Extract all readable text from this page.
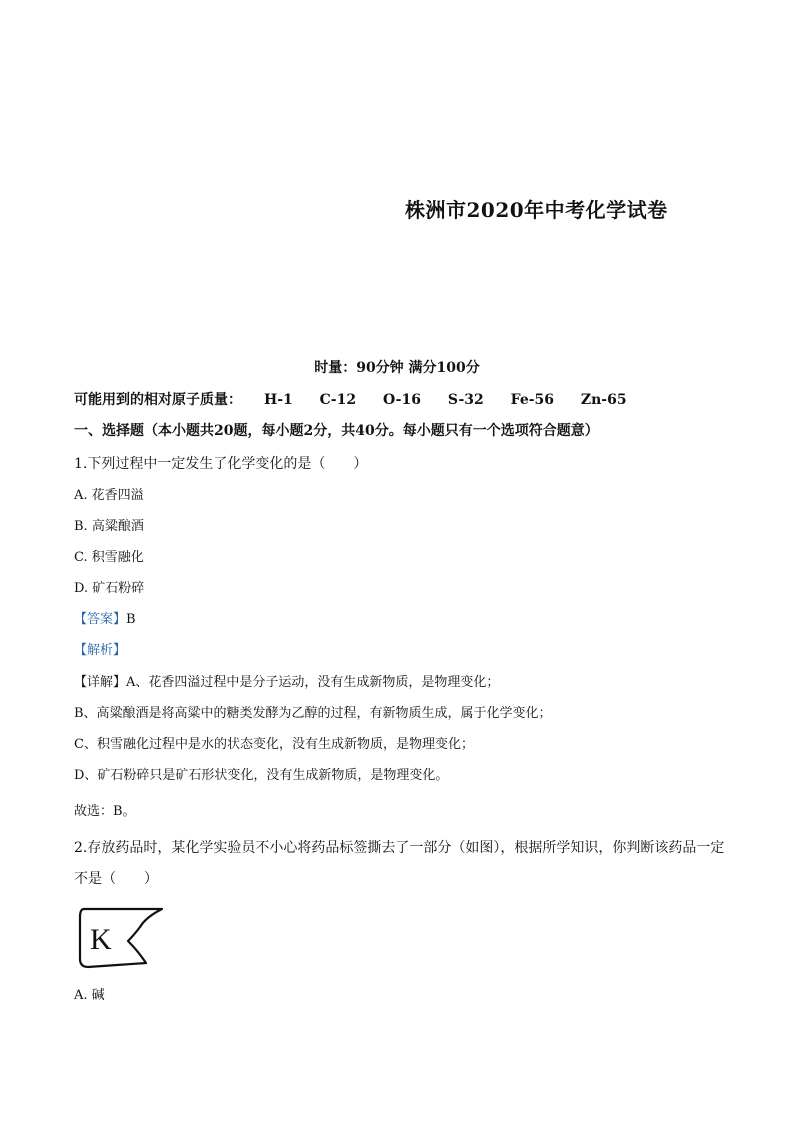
株洲市2020年中考化学试卷
时量：90分钟 满分100分
可能用到的相对原子质量： H-1 C-12 O-16 S-32 Fe-56 Zn-65
一、选择题（本小题共20题，每小题2分，共40分。每小题只有一个选项符合题意）
1.下列过程中一定发生了化学变化的是（　　）
A. 花香四溢
B. 高粱酿酒
C. 积雪融化
D. 矿石粉碎
【答案】B
【解析】
【详解】A、花香四溢过程中是分子运动，没有生成新物质，是物理变化；
B、高粱酿酒是将高粱中的糖类发酵为乙醇的过程，有新物质生成，属于化学变化；
C、积雪融化过程中是水的状态变化，没有生成新物质，是物理变化；
D、矿石粉碎只是矿石形状变化，没有生成新物质，是物理变化。
故选：B。
2.存放药品时，某化学实验员不小心将药品标签撕去了一部分（如图），根据所学知识，你判断该药品一定
不是（　　）
K
A. 碱
